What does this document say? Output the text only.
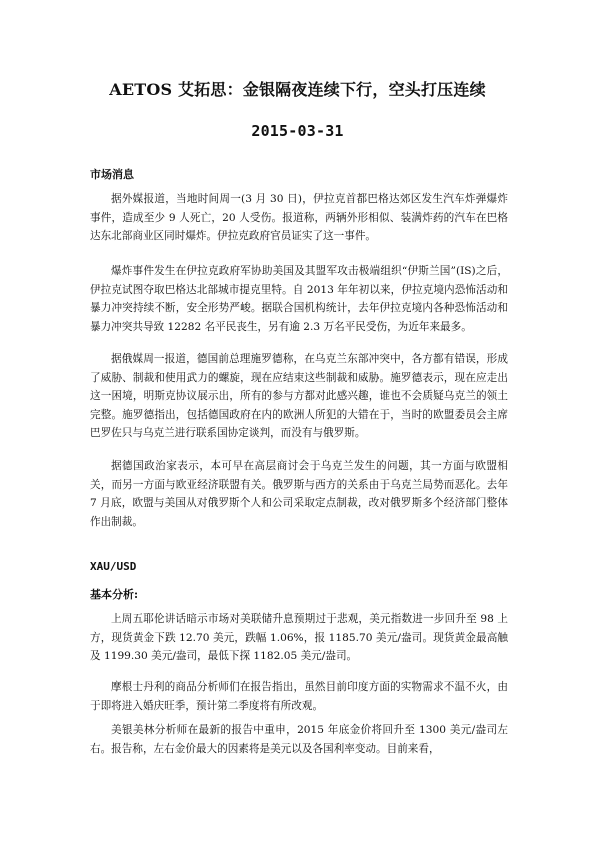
AETOS 艾拓思：金银隔夜连续下行，空头打压连续
2015-03-31
市场消息

据外媒报道，当地时间周一(3 月 30 日)，伊拉克首都巴格达郊区发生汽车炸弹爆炸事件，造成至少 9 人死亡，20 人受伤。报道称，两辆外形相似、装满炸药的汽车在巴格达东北部商业区同时爆炸。伊拉克政府官员证实了这一事件。

爆炸事件发生在伊拉克政府军协助美国及其盟军攻击极端组织“伊斯兰国”(IS)之后，伊拉克试图夺取巴格达北部城市提克里特。自 2013 年年初以来，伊拉克境内恐怖活动和暴力冲突持续不断，安全形势严峻。据联合国机构统计，去年伊拉克境内各种恐怖活动和暴力冲突共导致 12282 名平民丧生，另有逾 2.3 万名平民受伤，为近年来最多。

据俄媒周一报道，德国前总理施罗德称，在乌克兰东部冲突中，各方都有错误，形成了威胁、制裁和使用武力的螺旋，现在应结束这些制裁和威胁。施罗德表示，现在应走出这一困境，明斯克协议展示出，所有的参与方都对此感兴趣，谁也不会质疑乌克兰的领土完整。施罗德指出，包括德国政府在内的欧洲人所犯的大错在于，当时的欧盟委员会主席巴罗佐只与乌克兰进行联系国协定谈判，而没有与俄罗斯。

据德国政治家表示，本可早在高层商讨会于乌克兰发生的问题，其一方面与欧盟相关，而另一方面与欧亚经济联盟有关。俄罗斯与西方的关系由于乌克兰局势而恶化。去年 7 月底，欧盟与美国从对俄罗斯个人和公司采取定点制裁，改对俄罗斯多个经济部门整体作出制裁。

XAU/USD
基本分析:

上周五耶伦讲话暗示市场对美联储升息预期过于悲观，美元指数进一步回升至 98 上方，现货黄金下跌 12.70 美元，跌幅 1.06%，报 1185.70 美元/盎司。现货黄金最高触及 1199.30 美元/盎司，最低下探 1182.05 美元/盎司。

摩根士丹利的商品分析师们在报告指出，虽然目前印度方面的实物需求不温不火，由于即将进入婚庆旺季，预计第二季度将有所改观。

美银美林分析师在最新的报告中重申，2015 年底金价将回升至 1300 美元/盎司左右。报告称，左右金价最大的因素将是美元以及各国利率变动。目前来看，
